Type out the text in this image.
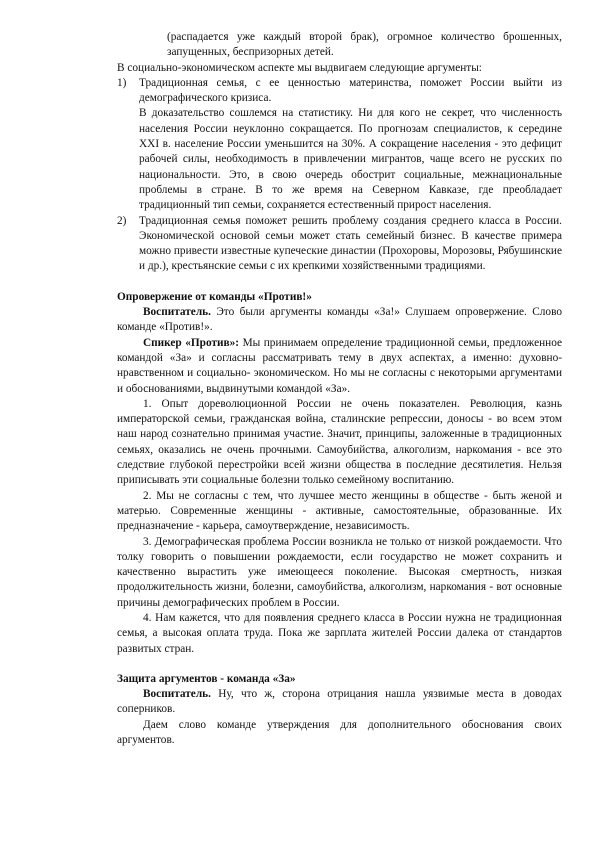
(распадается уже каждый второй брак), огромное количество брошенных, запущенных, беспризорных детей.

В социально-экономическом аспекте мы выдвигаем следующие аргументы:

1)	Традиционная семья, с ее ценностью материнства, поможет России выйти из демографического кризиса.

В доказательство сошлемся на статистику. Ни для кого не секрет, что численность населения России неуклонно сокращается. По прогнозам специалистов, к середине XXI в. население России уменьшится на 30%. А сокращение населения - это дефицит рабочей силы, необходимость в привлечении мигрантов, чаще всего не русских по национальности. Это, в свою очередь обострит социальные, межнациональные проблемы в стране. В то же время на Северном Кавказе, где преобладает традиционный тип семьи, сохраняется естественный прирост населения.

2)	Традиционная семья поможет решить проблему создания среднего класса в России. Экономической основой семьи может стать семейный бизнес. В качестве примера можно привести известные купеческие династии (Прохоровы, Морозовы, Рябушинские и др.), крестьянские семьи с их крепкими хозяйственными традициями.

Опровержение от команды «Против!»

Воспитатель. Это были аргументы команды «За!» Слушаем опровержение. Слово команде «Против!».

Спикер «Против»: Мы принимаем определение традиционной семьи, предложенное командой «За» и согласны рассматривать тему в двух аспектах, а именно: духовно-нравственном и социально- экономическом. Но мы не согласны с некоторыми аргументами и обоснованиями, выдвинутыми командой «За».

1. Опыт дореволюционной России не очень показателен. Революция, казнь императорской семьи, гражданская война, сталинские репрессии, доносы - во всем этом наш народ сознательно принимая участие. Значит, принципы, заложенные в традиционных семьях, оказались не очень прочными. Самоубийства, алкоголизм, наркомания - все это следствие глубокой перестройки всей жизни общества в последние десятилетия. Нельзя приписывать эти социальные болезни только семейному воспитанию.

2. Мы не согласны с тем, что лучшее место женщины в обществе - быть женой и матерью. Современные женщины - активные, самостоятельные, образованные. Их предназначение - карьера, самоутверждение, независимость.

3. Демографическая проблема России возникла не только от низкой рождаемости. Что толку говорить о повышении рождаемости, если государство не может сохранить и качественно вырастить уже имеющееся поколение. Высокая смертность, низкая продолжительность жизни, болезни, самоубийства, алкоголизм, наркомания - вот основные причины демографических проблем в России.

4. Нам кажется, что для появления среднего класса в России нужна не традиционная семья, а высокая оплата труда. Пока же зарплата жителей России далека от стандартов развитых стран.

Защита аргументов - команда «За»

Воспитатель. Ну, что ж, сторона отрицания нашла уязвимые места в доводах соперников.

Даем слово команде утверждения для дополнительного обоснования своих аргументов.
